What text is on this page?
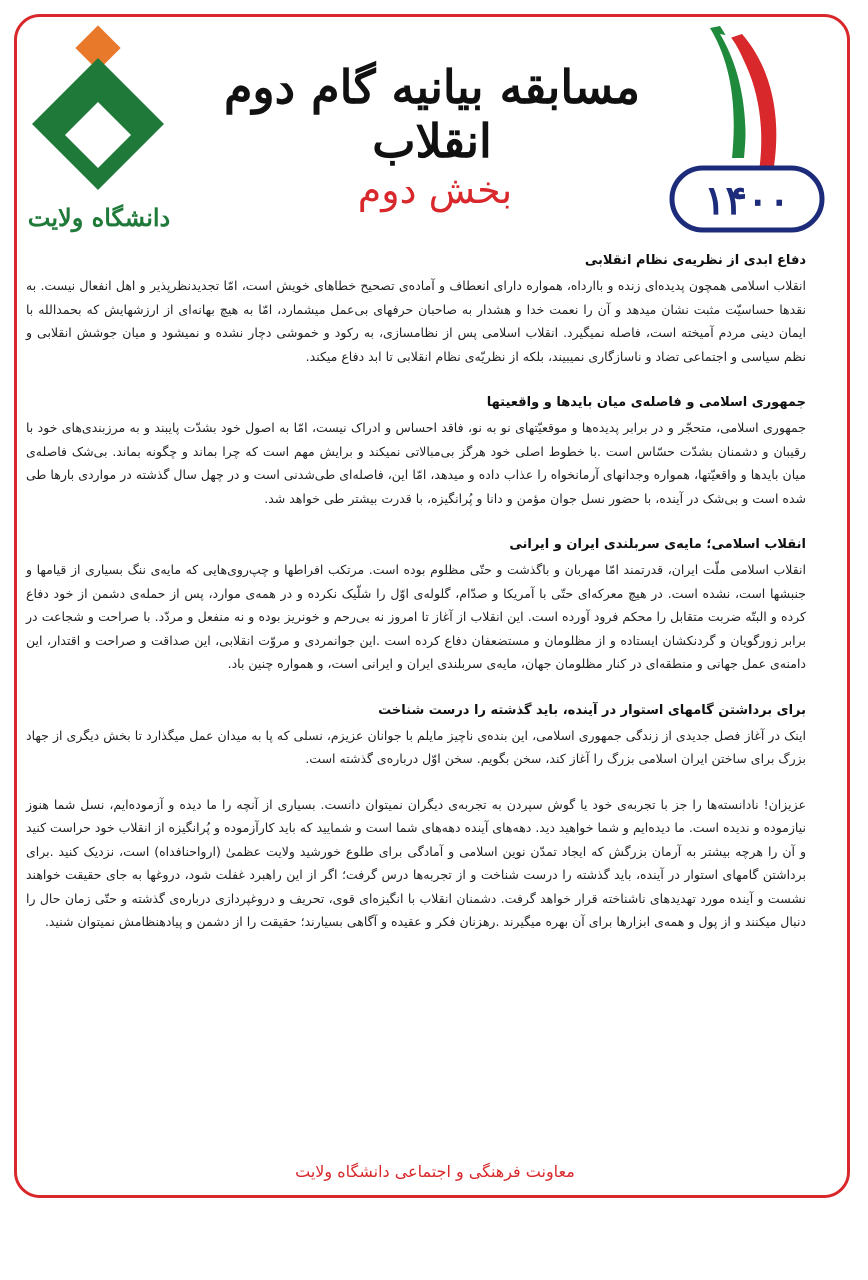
دانشگاه ولایت	۱۴۰۰
مسابقه بیانیه گام دوم انقلاب
بخش دوم
دفاع ابدی از نظریه‌ی نظام انقلابی

انقلاب اسلامی همچون پدیده‌ای زنده و باارداه، همواره دارای انعطاف و آماده‌ی تصحیح خطاهای خویش است، امّا تجدیدنظرپذیر و اهل انفعال نیست. به نقدها حساسیّت مثبت نشان میدهد و آن را نعمت خدا و هشدار به صاحبان حرفهای بی‌عمل میشمارد، امّا به هیچ بهانه‌ای از ارزشهایش که بحمدالله با ایمان دینی مردم آمیخته است، فاصله نمیگیرد. انقلاب اسلامی پس از نظامسازی، به رکود و خموشی دچار نشده و نمیشود و میان جوشش انقلابی و نظم سیاسی و اجتماعی تضاد و ناسازگاری نمیبیند، بلکه از نظریّه‌ی نظام انقلابی تا ابد دفاع میکند.

جمهوری اسلامی و فاصله‌ی میان بایدها و واقعیتها

جمهوری اسلامی، متحجّر و در برابر پدیده‌ها و موقعیّتهای نو به نو، فاقد احساس و ادراک نیست، امّا به اصول خود بشدّت پایبند و به مرزبندی‌های خود با رقیبان و دشمنان بشدّت حسّاس است .با خطوط اصلی خود هرگز بی‌مبالاتی نمیکند و برایش مهم است که چرا بماند و چگونه بماند. بی‌شک فاصله‌ی میان بایدها و واقعیّتها، همواره وجدانهای آرمانخواه را عذاب داده و میدهد، امّا این، فاصله‌ای طی‌شدنی است و در چهل سال گذشته در مواردی بارها طی شده است و بی‌شک در آینده، با حضور نسل جوان مؤمن و دانا و پُرانگیزه، با قدرت بیشتر طی خواهد شد.

انقلاب اسلامی؛ مایه‌ی سربلندی ایران و ایرانی

انقلاب اسلامی ملّت ایران، قدرتمند امّا مهربان و باگذشت و حتّی مظلوم بوده است. مرتکب افراطها و چپ‌روی‌هایی که مایه‌ی ننگ بسیاری از قیامها و جنبشها است، نشده است. در هیچ معرکه‌ای حتّی با آمریکا و صدّام، گلوله‌ی اوّل را شلّیک نکرده و در همه‌ی موارد، پس از حمله‌ی دشمن از خود دفاع کرده و البتّه ضربت متقابل را محکم فرود آورده است. این انقلاب از آغاز تا امروز نه بی‌رحم و خونریز بوده و نه منفعل و مردّد. با صراحت و شجاعت در برابر زورگویان و گردنکشان ایستاده و از مظلومان و مستضعفان دفاع کرده است .این جوانمردی و مروّت انقلابی، این صداقت و صراحت و اقتدار، این دامنه‌ی عمل جهانی و منطقه‌ای در کنار مظلومان جهان، مایه‌ی سربلندی ایران و ایرانی است، و همواره چنین باد.

برای برداشتن گامهای استوار در آینده، باید گذشته را درست شناخت

اینک در آغاز فصل جدیدی از زندگی جمهوری اسلامی، این بنده‌ی ناچیز مایلم با جوانان عزیزم، نسلی که پا به میدان عمل میگذارد تا بخش دیگری از جهاد بزرگ برای ساختن ایران اسلامی بزرگ را آغاز کند، سخن بگویم. سخن اوّل درباره‌ی گذشته است.

عزیزان! نادانسته‌ها را جز با تجربه‌ی خود یا گوش سپردن به تجربه‌ی دیگران نمیتوان دانست. بسیاری از آنچه را ما دیده و آزموده‌ایم، نسل شما هنوز نیازموده و ندیده است. ما دیده‌ایم و شما خواهید دید. دهه‌های آینده دهه‌های شما است و شمایید که باید کارآزموده و پُرانگیزه از انقلاب خود حراست کنید و آن را هرچه بیشتر به آرمان بزرگش که ایجاد تمدّن نوین اسلامی و آمادگی برای طلوع خورشید ولایت عظمیٰ (ارواحنافداه) است، نزدیک کنید .برای برداشتن گامهای استوار در آینده، باید گذشته را درست شناخت و از تجربه‌ها درس گرفت؛ اگر از این راهبرد غفلت شود، دروغها به جای حقیقت خواهند نشست و آینده مورد تهدیدهای ناشناخته قرار خواهد گرفت. دشمنان انقلاب با انگیزه‌ای قوی، تحریف و دروغپردازی درباره‌ی گذشته و حتّی زمان حال را دنبال میکنند و از پول و همه‌ی ابزارها برای آن بهره میگیرند .رهزنان فکر و عقیده و آگاهی بسیارند؛ حقیقت را از دشمن و پیادهنظامش نمیتوان شنید.

معاونت فرهنگی و اجتماعی دانشگاه ولایت
